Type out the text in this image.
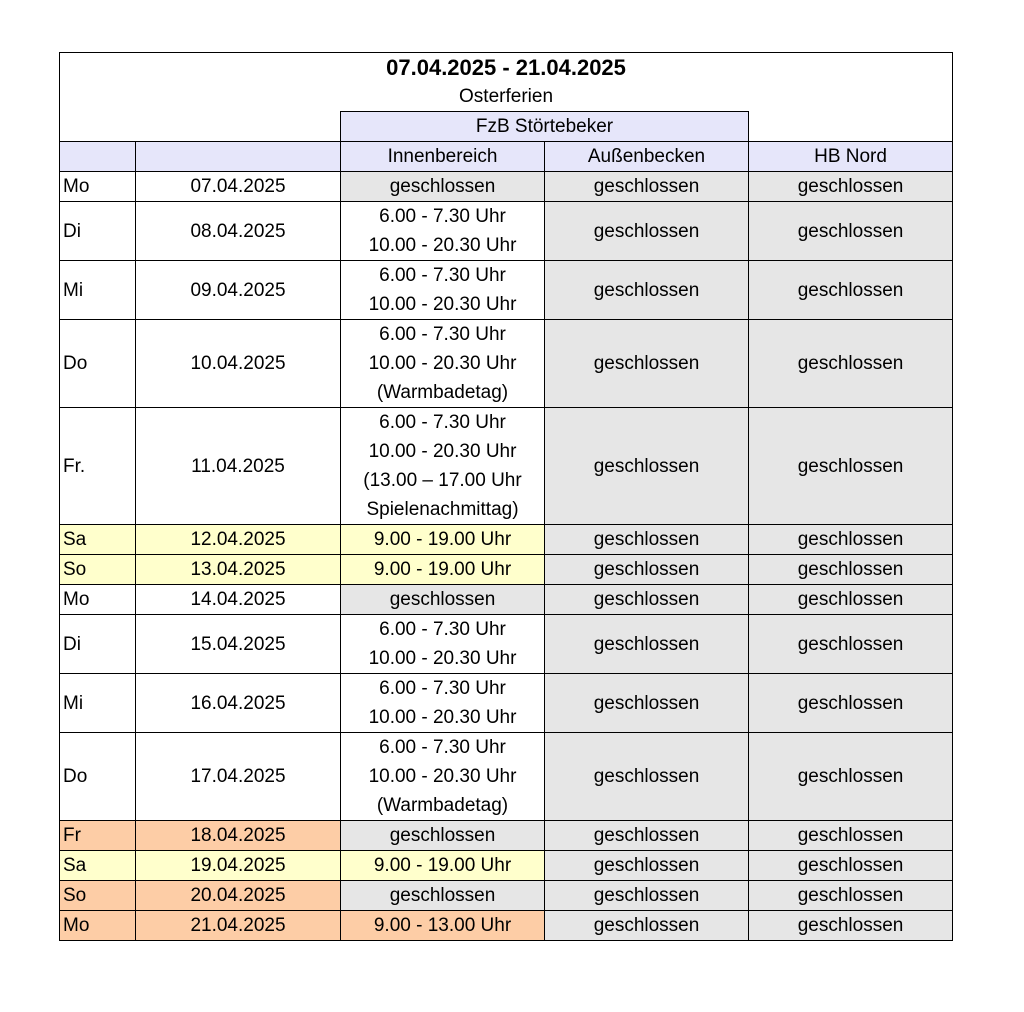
07.04.2025 - 21.04.2025				
Osterferien				
		FzB Störtebeker		
		Innenbereich	Außenbecken	HB Nord
Mo	07.04.2025	geschlossen	geschlossen	geschlossen
Di	08.04.2025	6.00 - 7.30 Uhr
10.00 - 20.30 Uhr	geschlossen	geschlossen
Mi	09.04.2025	6.00 - 7.30 Uhr
10.00 - 20.30 Uhr	geschlossen	geschlossen
Do	10.04.2025	6.00 - 7.30 Uhr
10.00 - 20.30 Uhr
(Warmbadetag)	geschlossen	geschlossen
Fr.	11.04.2025	6.00 - 7.30 Uhr
10.00 - 20.30 Uhr
(13.00 – 17.00 Uhr
Spielenachmittag)	geschlossen	geschlossen
Sa	12.04.2025	9.00 - 19.00 Uhr	geschlossen	geschlossen
So	13.04.2025	9.00 - 19.00 Uhr	geschlossen	geschlossen
Mo	14.04.2025	geschlossen	geschlossen	geschlossen
Di	15.04.2025	6.00 - 7.30 Uhr
10.00 - 20.30 Uhr	geschlossen	geschlossen
Mi	16.04.2025	6.00 - 7.30 Uhr
10.00 - 20.30 Uhr	geschlossen	geschlossen
Do	17.04.2025	6.00 - 7.30 Uhr
10.00 - 20.30 Uhr
(Warmbadetag)	geschlossen	geschlossen
Fr	18.04.2025	geschlossen	geschlossen	geschlossen
Sa	19.04.2025	9.00 - 19.00 Uhr	geschlossen	geschlossen
So	20.04.2025	geschlossen	geschlossen	geschlossen
Mo	21.04.2025	9.00 - 13.00 Uhr	geschlossen	geschlossen
